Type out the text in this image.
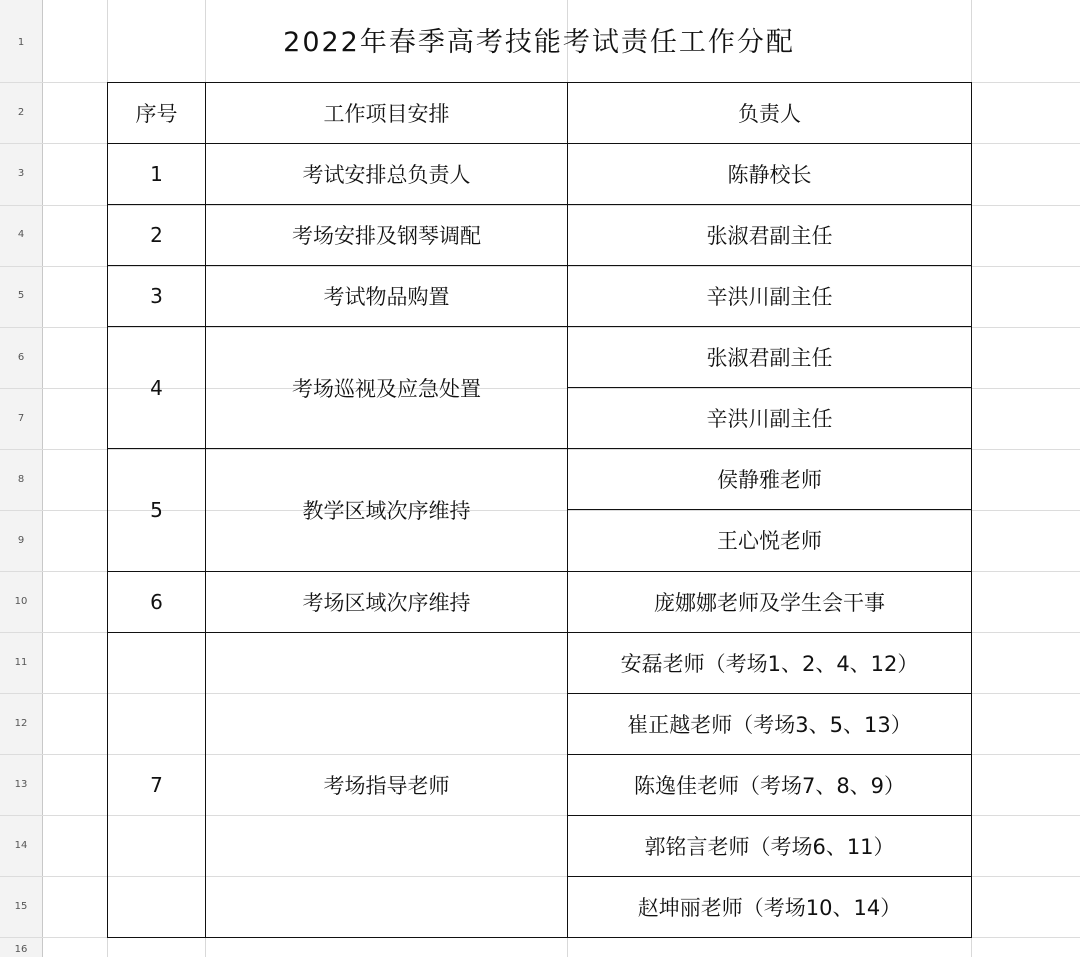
1
2
3
4
5
6
7
8
9
10
11
12
13
14
15
16
2022年春季高考技能考试责任工作分配
序号	工作项目安排	负责人
1	考试安排总负责人	陈静校长
2	考场安排及钢琴调配	张淑君副主任
3	考试物品购置	辛洪川副主任
4	考场巡视及应急处置	张淑君副主任
		辛洪川副主任
5	教学区域次序维持	侯静雅老师
		王心悦老师
6	考场区域次序维持	庞娜娜老师及学生会干事
7	考场指导老师	安磊老师（考场1、2、4、12）
		崔正越老师（考场3、5、13）
		陈逸佳老师（考场7、8、9）
		郭铭言老师（考场6、11）
		赵坤丽老师（考场10、14）
